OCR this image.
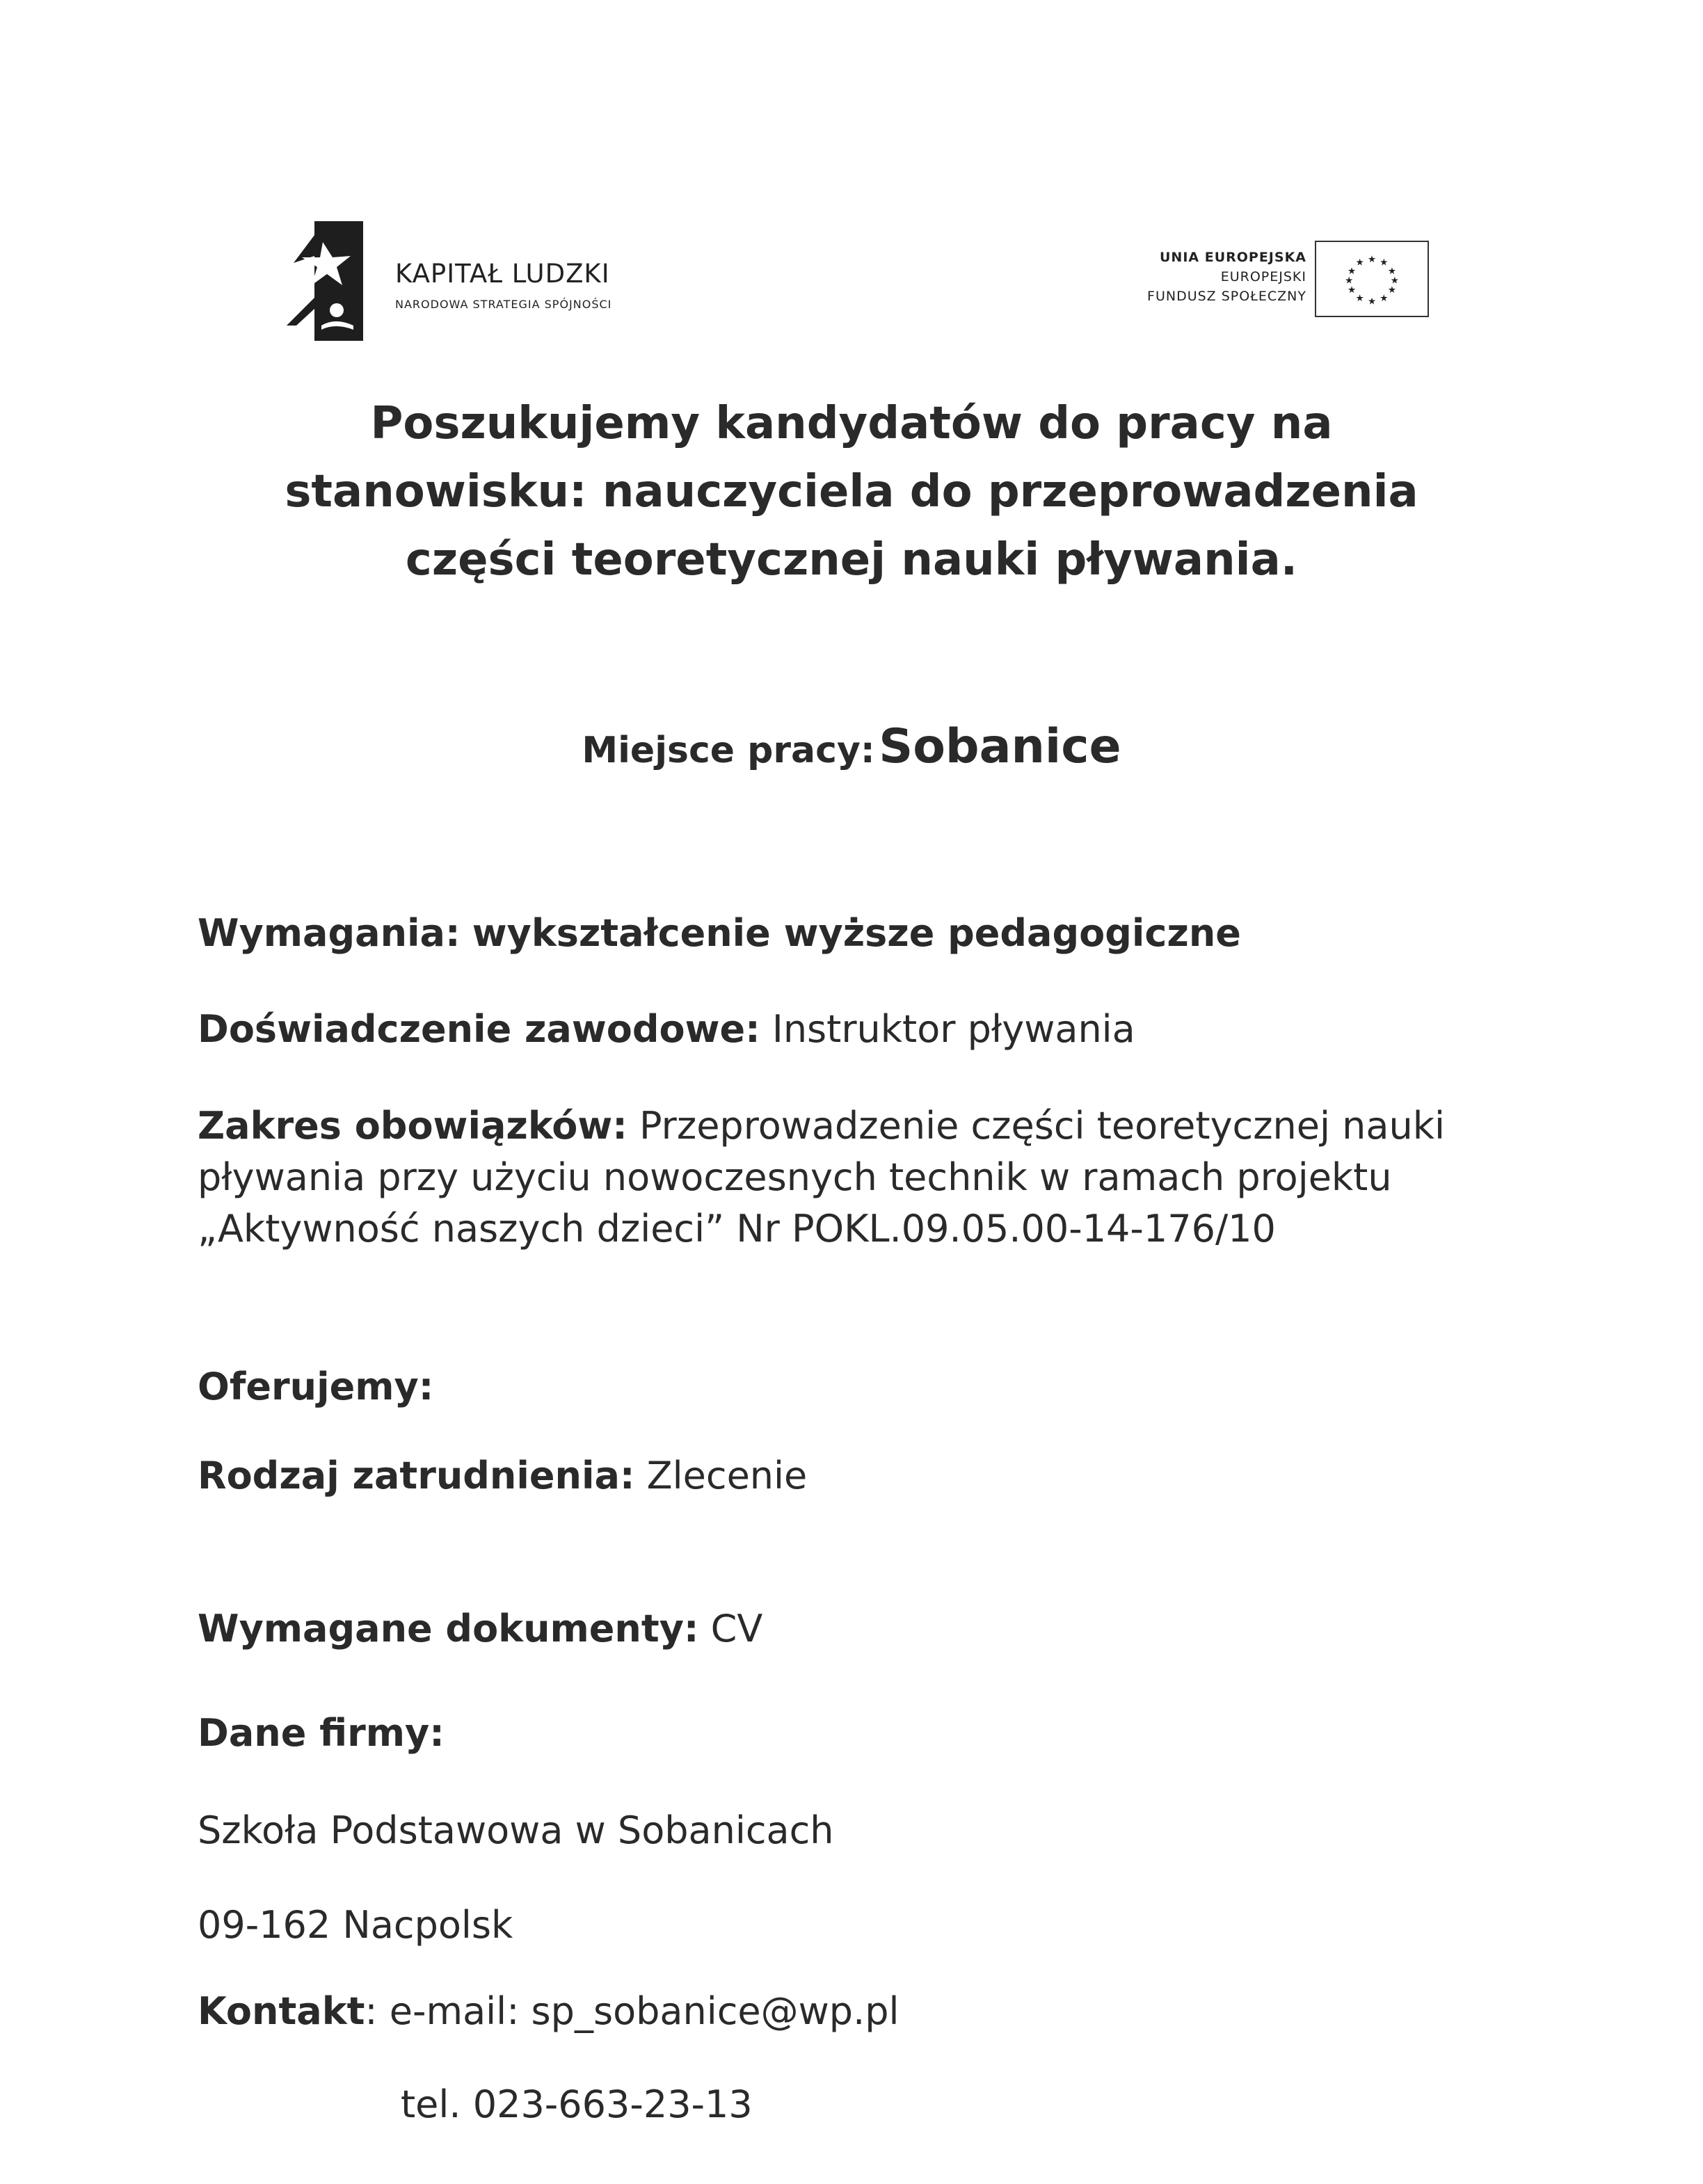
KAPITAŁ LUDZKI
NARODOWA STRATEGIA SPÓJNOŚCI
UNIA EUROPEJSKA
EUROPEJSKI
FUNDUSZ SPOŁECZNY
★ ★
★
★
★
★
★
★
★
★
★
★
Poszukujemy kandydatów do pracy na
stanowisku: nauczyciela do przeprowadzenia
części teoretycznej nauki pływania.
Miejsce pracy: Sobanice
Wymagania: wykształcenie wyższe pedagogiczne
Doświadczenie zawodowe: Instruktor pływania
Zakres obowiązków: Przeprowadzenie części teoretycznej nauki
pływania przy użyciu nowoczesnych technik w ramach projektu
„Aktywność naszych dzieci” Nr POKL.09.05.00-14-176/10
Oferujemy:
Rodzaj zatrudnienia: Zlecenie
Wymagane dokumenty: CV
Dane firmy:
Szkoła Podstawowa w Sobanicach
09-162 Nacpolsk
Kontakt: e-mail: sp_sobanice@wp.pl
tel. 023-663-23-13
